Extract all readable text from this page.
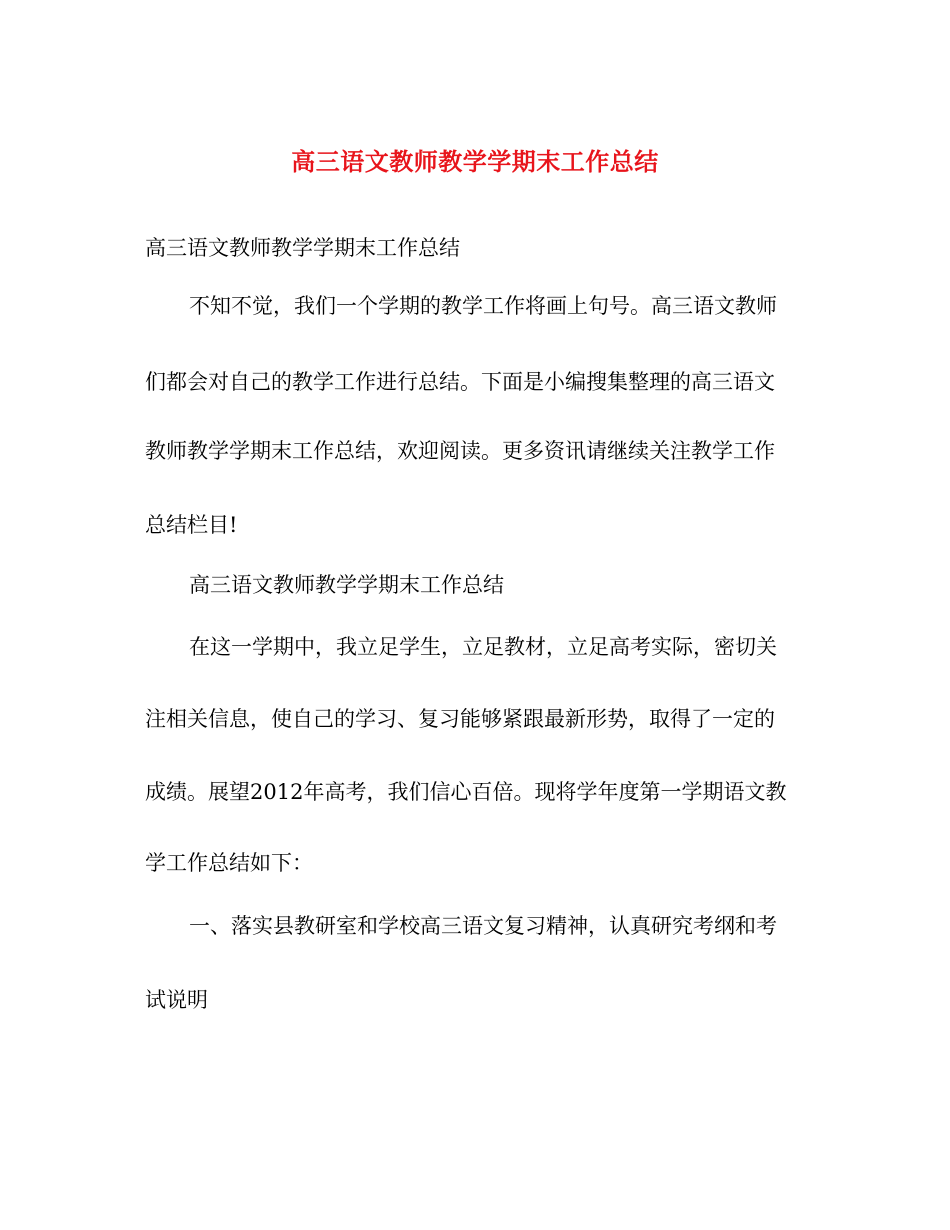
高三语文教师教学学期末工作总结
高三语文教师教学学期末工作总结
不知不觉，我们一个学期的教学工作将画上句号。高三语文教师
们都会对自己的教学工作进行总结。下面是小编搜集整理的高三语文
教师教学学期末工作总结，欢迎阅读。更多资讯请继续关注教学工作
总结栏目!
高三语文教师教学学期末工作总结
在这一学期中，我立足学生，立足教材，立足高考实际，密切关
注相关信息，使自己的学习、复习能够紧跟最新形势，取得了一定的
成绩。展望2012年高考，我们信心百倍。现将学年度第一学期语文教
学工作总结如下：
一、落实县教研室和学校高三语文复习精神，认真研究考纲和考
试说明
